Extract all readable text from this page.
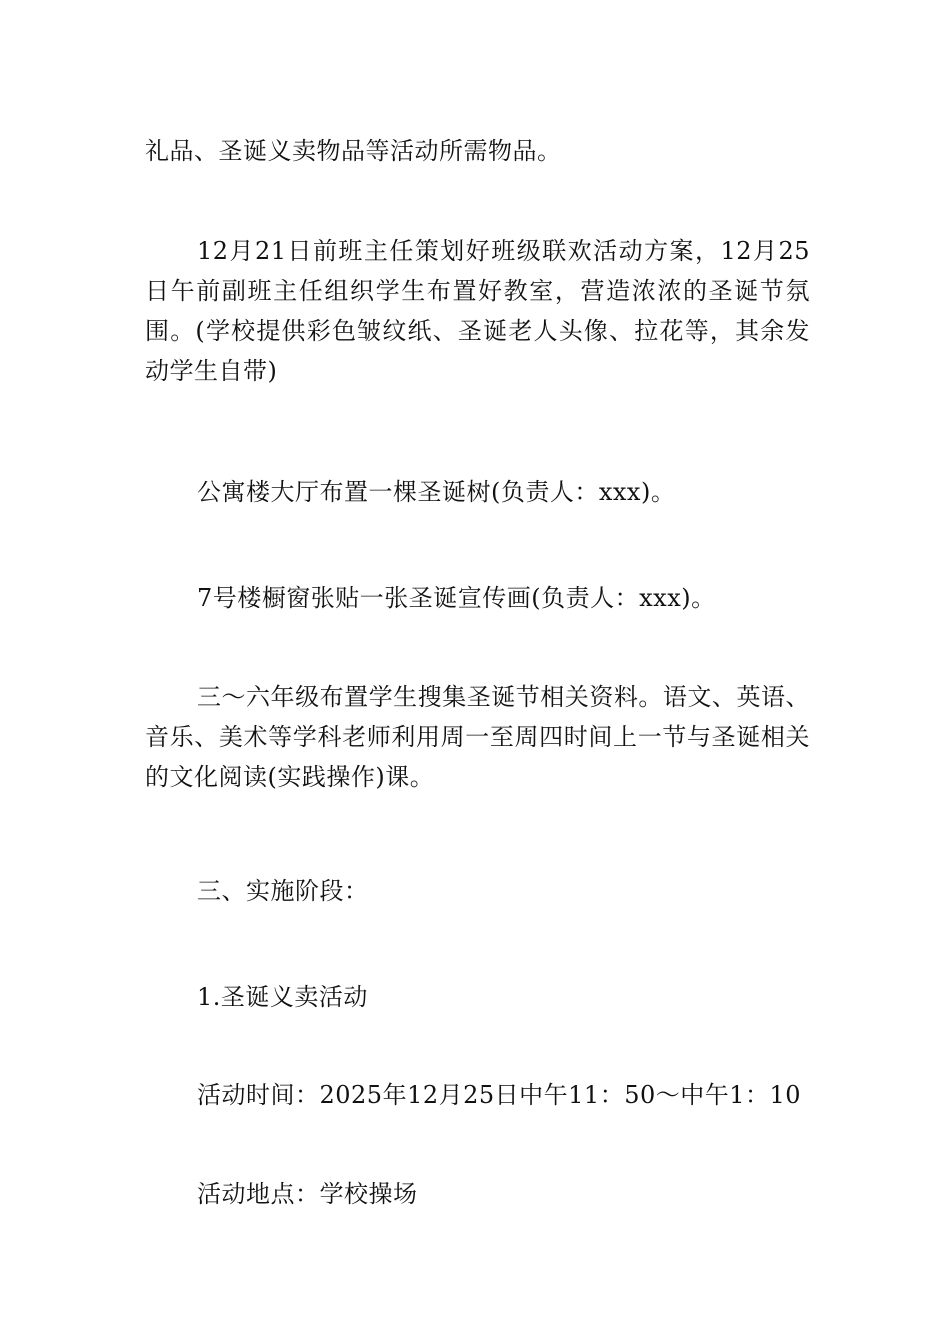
礼品、圣诞义卖物品等活动所需物品。

12月21日前班主任策划好班级联欢活动方案，12月25日午前副班主任组织学生布置好教室，营造浓浓的圣诞节氛围。(学校提供彩色皱纹纸、圣诞老人头像、拉花等，其余发动学生自带)

公寓楼大厅布置一棵圣诞树(负责人：xxx)。

7号楼橱窗张贴一张圣诞宣传画(负责人：xxx)。

三～六年级布置学生搜集圣诞节相关资料。语文、英语、音乐、美术等学科老师利用周一至周四时间上一节与圣诞相关的文化阅读(实践操作)课。

三、实施阶段：

1.圣诞义卖活动

活动时间：2025年12月25日中午11：50～中午1：10

活动地点：学校操场
